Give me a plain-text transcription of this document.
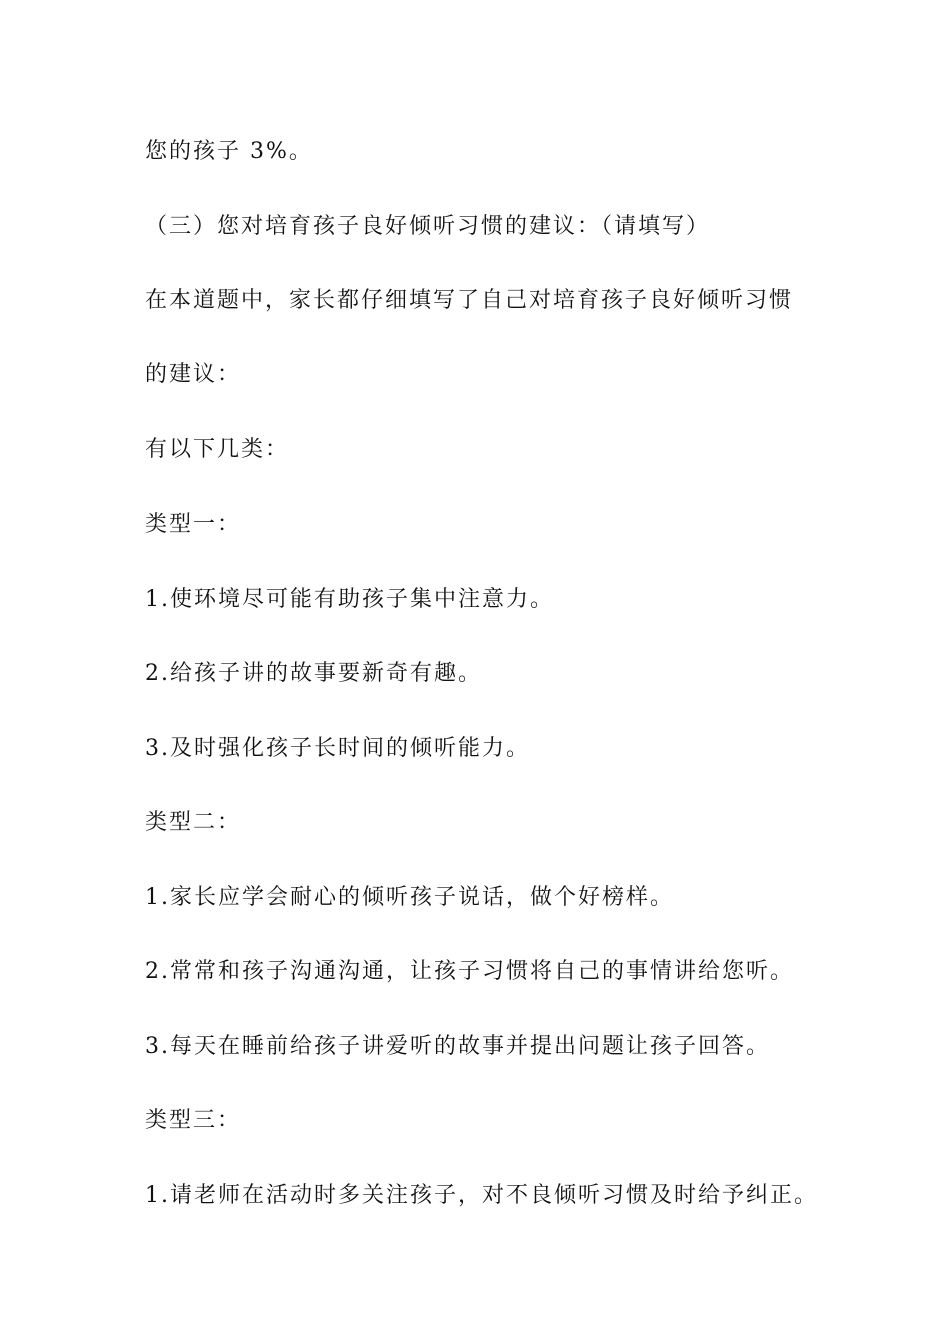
您的孩子 3%。
（三）您对培育孩子良好倾听习惯的建议：（请填写）
在本道题中，家长都仔细填写了自己对培育孩子良好倾听习惯
的建议：
有以下几类：
类型一：
1.使环境尽可能有助孩子集中注意力。
2.给孩子讲的故事要新奇有趣。
3.及时强化孩子长时间的倾听能力。
类型二：
1.家长应学会耐心的倾听孩子说话，做个好榜样。
2.常常和孩子沟通沟通，让孩子习惯将自己的事情讲给您听。
3.每天在睡前给孩子讲爱听的故事并提出问题让孩子回答。
类型三：
1.请老师在活动时多关注孩子，对不良倾听习惯及时给予纠正。
